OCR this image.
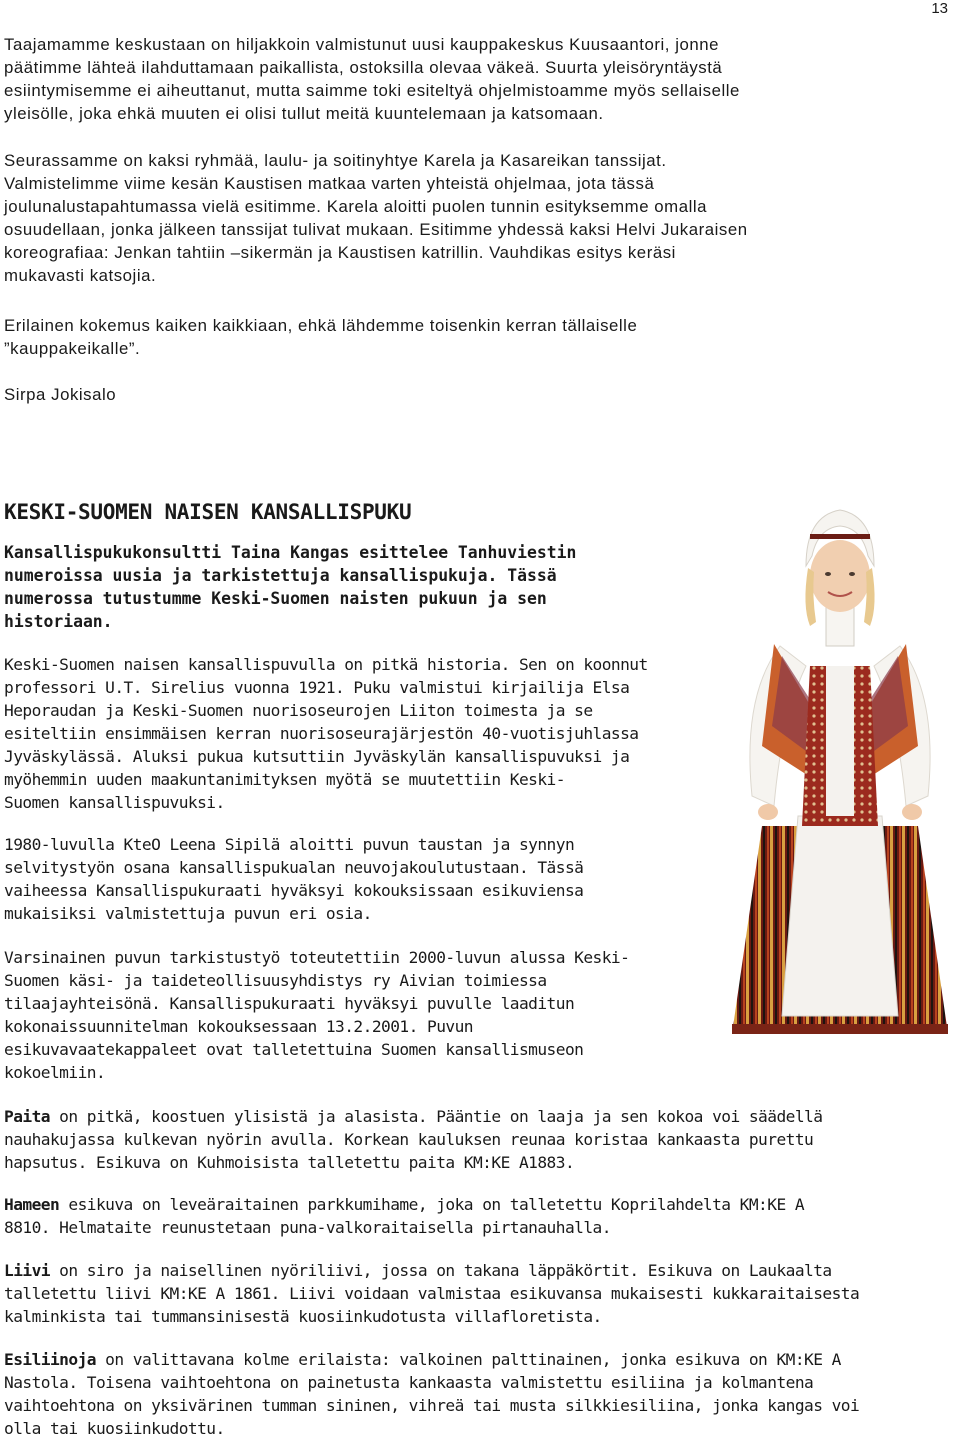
13
Taajamamme keskustaan on hiljakkoin valmistunut uusi kauppakeskus Kuusaantori, jonne
päätimme lähteä ilahduttamaan paikallista, ostoksilla olevaa väkeä. Suurta yleisöryntäystä
esiintymisemme ei aiheuttanut, mutta saimme toki esiteltyä ohjelmistoamme myös sellaiselle
yleisölle, joka ehkä muuten ei olisi tullut meitä kuuntelemaan ja katsomaan.
Seurassamme on kaksi ryhmää, laulu- ja soitinyhtye Karela ja Kasareikan tanssijat.
Valmistelimme viime kesän Kaustisen matkaa varten yhteistä ohjelmaa, jota tässä
joulunalustapahtumassa vielä esitimme. Karela aloitti puolen tunnin esityksemme omalla
osuudellaan, jonka jälkeen tanssijat tulivat mukaan. Esitimme yhdessä kaksi Helvi Jukaraisen
koreografiaa: Jenkan tahtiin –sikermän ja Kaustisen katrillin. Vauhdikas esitys keräsi
mukavasti katsojia.
Erilainen kokemus kaiken kaikkiaan, ehkä lähdemme toisenkin kerran tällaiselle
”kauppakeikalle”.
Sirpa Jokisalo
KESKI-SUOMEN NAISEN KANSALLISPUKU
Kansallispukukonsultti Taina Kangas esittelee Tanhuviestin
numeroissa uusia ja tarkistettuja kansallispukuja. Tässä
numerossa tutustumme Keski-Suomen naisten pukuun ja sen
historiaan.
Keski-Suomen naisen kansallispuvulla on pitkä historia. Sen on koonnut
professori U.T. Sirelius vuonna 1921. Puku valmistui kirjailija Elsa
Heporaudan ja Keski-Suomen nuorisoseurojen Liiton toimesta ja se
esiteltiin ensimmäisen kerran nuorisoseurajärjestön 40-vuotisjuhlassa
Jyväskylässä. Aluksi pukua kutsuttiin Jyväskylän kansallispuvuksi ja
myöhemmin uuden maakuntanimityksen myötä se muutettiin Keski-
Suomen kansallispuvuksi.
1980-luvulla KteO Leena Sipilä aloitti puvun taustan ja synnyn
selvitystyön osana kansallispukualan neuvojakoulutustaan. Tässä
vaiheessa Kansallispukuraati hyväksyi kokouksissaan esikuviensa
mukaisiksi valmistettuja puvun eri osia.
Varsinainen puvun tarkistustyö toteutettiin 2000-luvun alussa Keski-
Suomen käsi- ja taideteollisuusyhdistys ry Aivian toimiessa
tilaajayhteisönä. Kansallispukuraati hyväksyi puvulle laaditun
kokonaissuunnitelman kokouksessaan 13.2.2001. Puvun
esikuvavaatekappaleet ovat talletettuina Suomen kansallismuseon
kokoelmiin.
Paita on pitkä, koostuen ylisistä ja alasista. Pääntie on laaja ja sen kokoa voi säädellä
nauhakujassa kulkevan nyörin avulla. Korkean kauluksen reunaa koristaa kankaasta purettu
hapsutus. Esikuva on Kuhmoisista talletettu paita KM:KE A1883.
Hameen esikuva on leveäraitainen parkkumihame, joka on talletettu Koprilahdelta KM:KE A
8810. Helmataite reunustetaan puna-valkoraitaisella pirtanauhalla.
Liivi on siro ja naisellinen nyöriliivi, jossa on takana läppäkörtit. Esikuva on Laukaalta
talletettu liivi KM:KE A 1861. Liivi voidaan valmistaa esikuvansa mukaisesti kukkaraitaisesta
kalminkista tai tummansinisestä kuosiinkudotusta villafloretista.
Esiliinoja on valittavana kolme erilaista: valkoinen palttinainen, jonka esikuva on KM:KE A
Nastola. Toisena vaihtoehtona on painetusta kankaasta valmistettu esiliina ja kolmantena
vaihtoehtona on yksivärinen tumman sininen, vihreä tai musta silkkiesiliina, jonka kangas voi
olla tai kuosiinkudottu.
